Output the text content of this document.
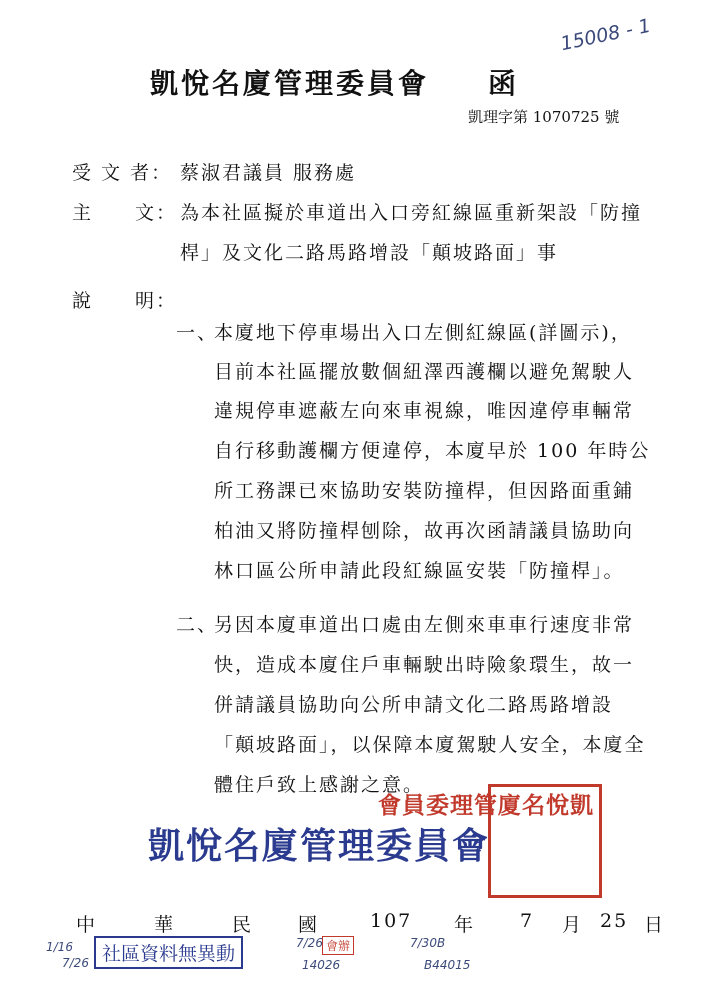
凱悅名廈管理委員會 函
15008 - 1
凱理字第 1070725 號
受 文 者： 蔡淑君議員 服務處
主　　文： 為本社區擬於車道出入口旁紅線區重新架設「防撞
桿」及文化二路馬路增設「顛坡路面」事
說　　明：
一、
本廈地下停車場出入口左側紅線區(詳圖示)，
目前本社區擺放數個紐澤西護欄以避免駕駛人
違規停車遮蔽左向來車視線，唯因違停車輛常
自行移動護欄方便違停，本廈早於 100 年時公
所工務課已來協助安裝防撞桿，但因路面重鋪
柏油又將防撞桿刨除，故再次函請議員協助向
林口區公所申請此段紅線區安裝「防撞桿」。
二、
另因本廈車道出口處由左側來車車行速度非常
快，造成本廈住戶車輛駛出時險象環生，故一
併請議員協助向公所申請文化二路馬路增設
「顛坡路面」，以保障本廈駕駛人安全，本廈全
體住戶致上感謝之意。
凱悅名廈管理委員會
凱悅名廈管理委員會
中	華	民 國	107 年 7 月 25 日
1/16
7/26 社區資料無異動	7/26 會辦
14026
7/30B
B44015
